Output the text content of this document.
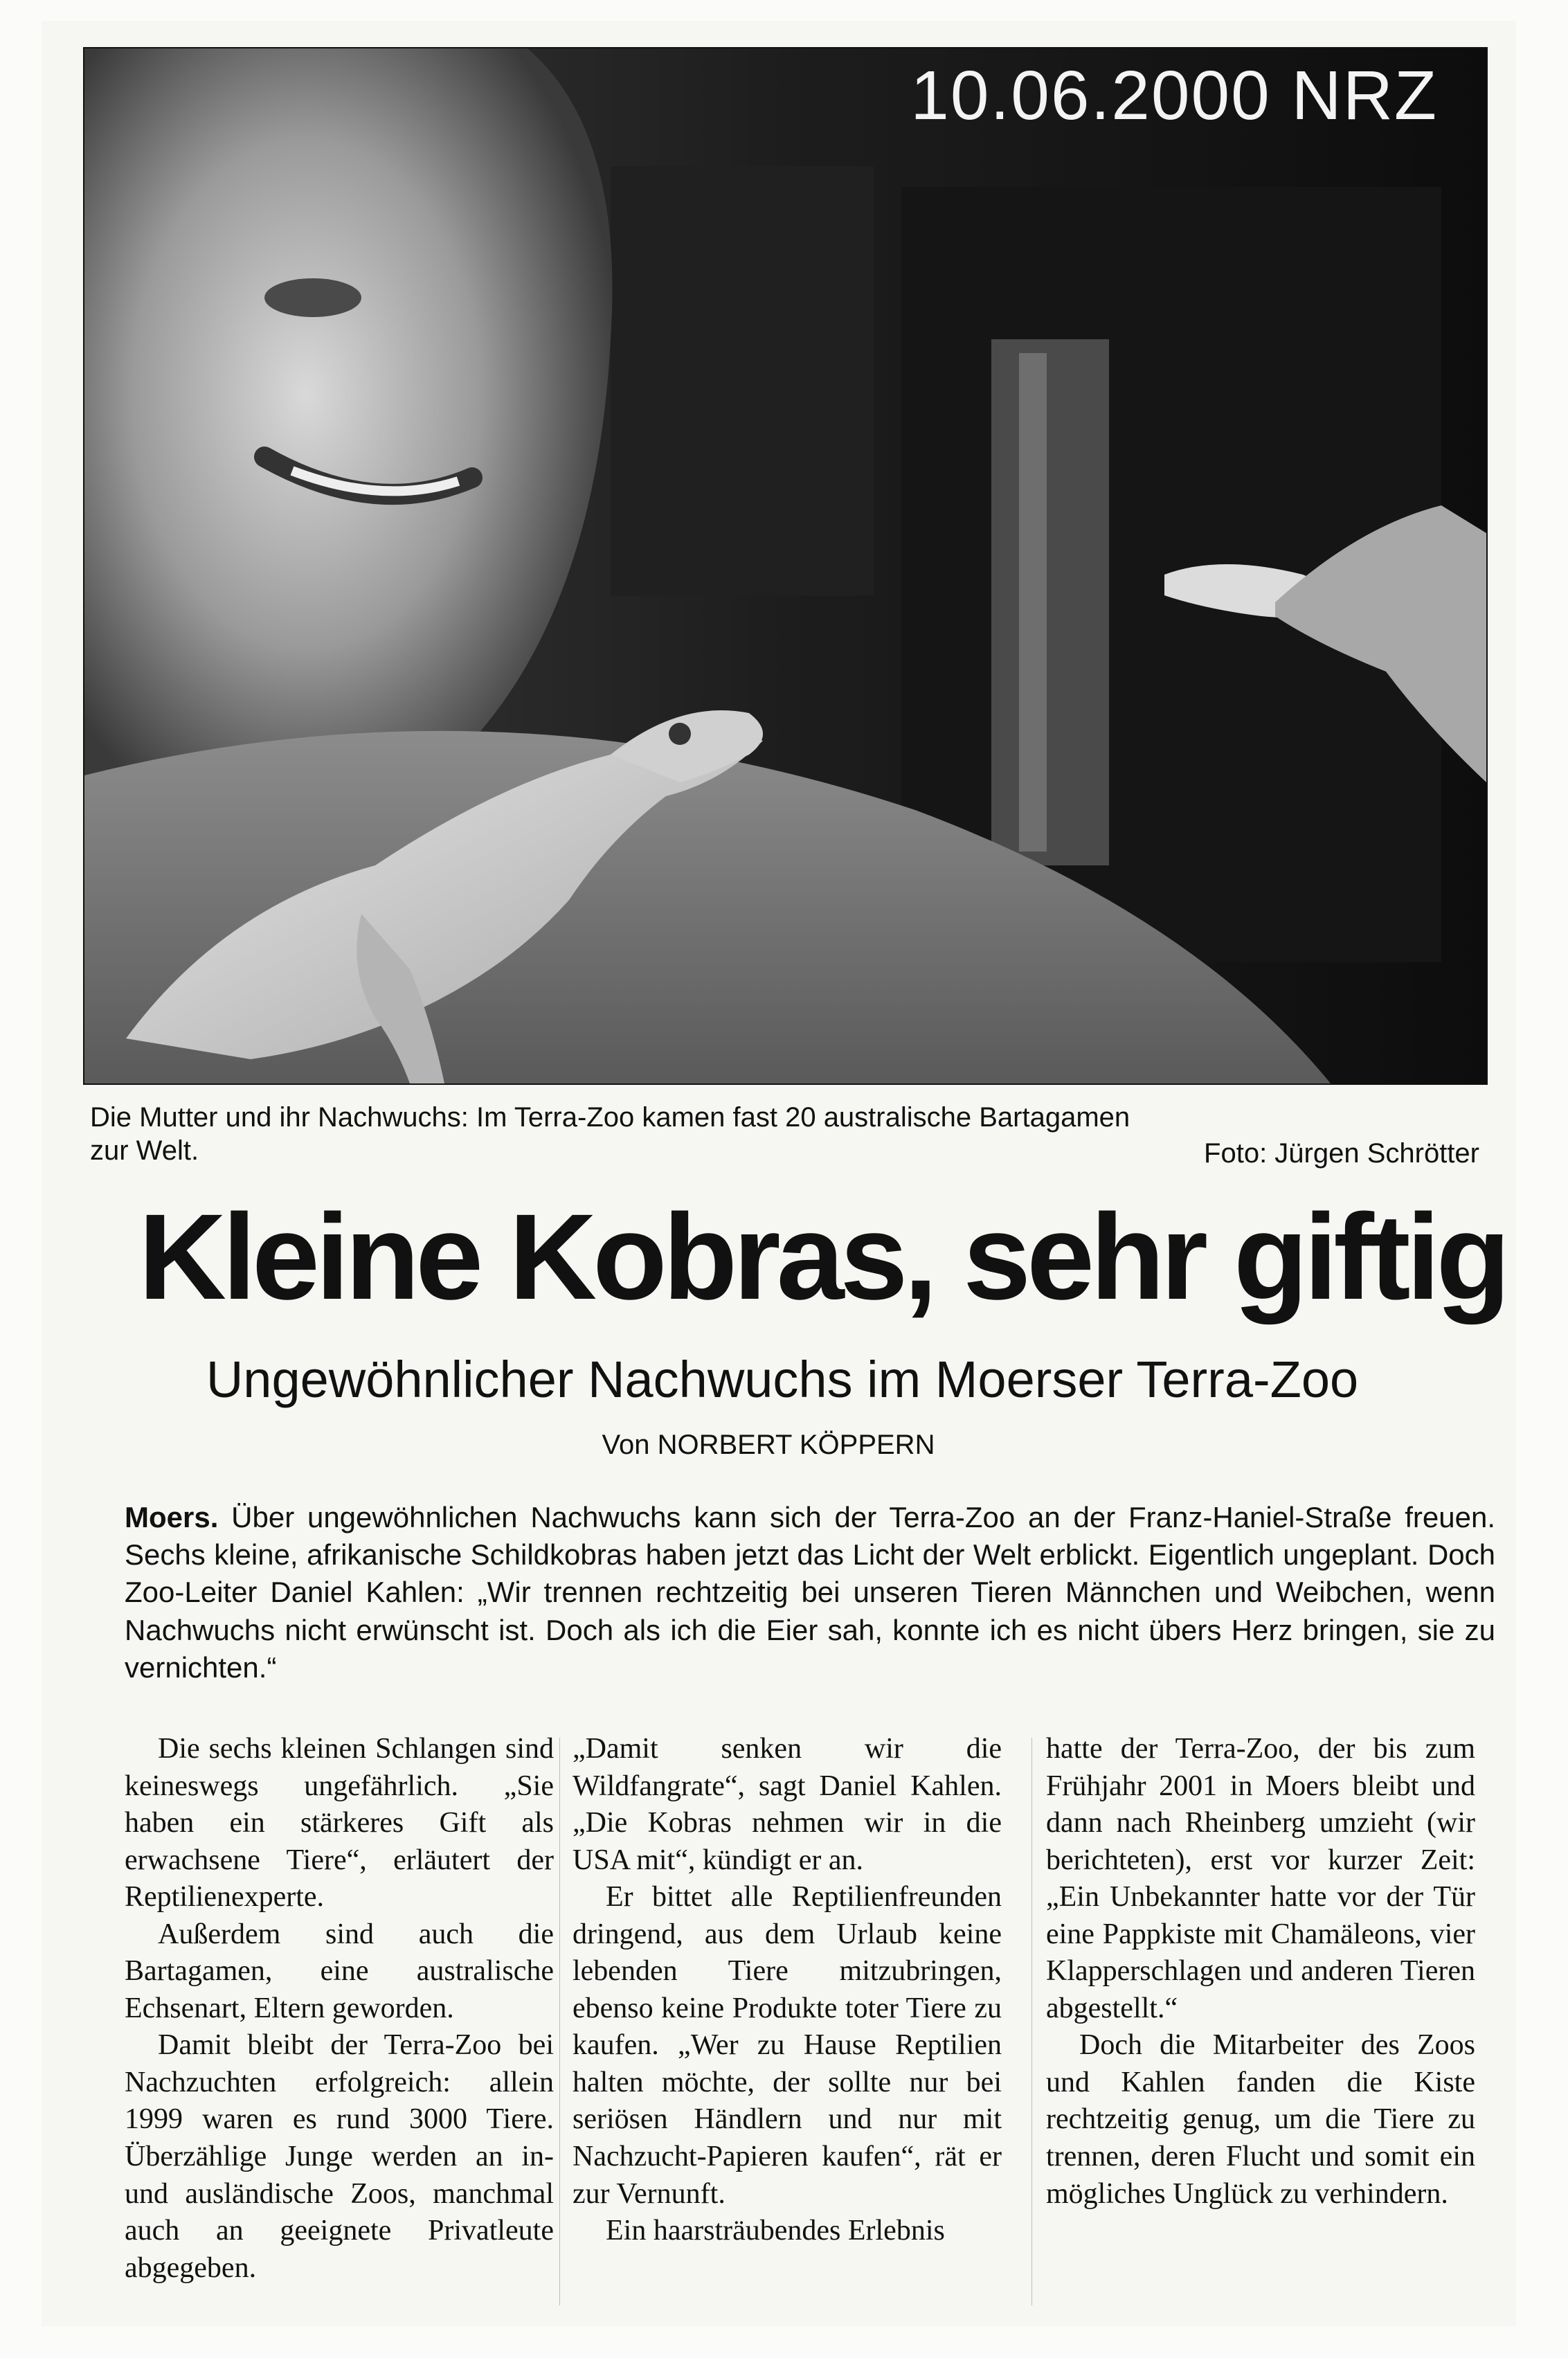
10.06.2000 NRZ
Die Mutter und ihr Nachwuchs: Im Terra-Zoo kamen fast 20 australische Bartagamen zur Welt.	Foto: Jürgen Schrötter
Kleine Kobras, sehr giftig
Ungewöhnlicher Nachwuchs im Moerser Terra-Zoo
Von NORBERT KÖPPERN
Moers. Über ungewöhnlichen Nachwuchs kann sich der Terra-Zoo an der Franz-Haniel-Straße freuen. Sechs kleine, afrikanische Schildkobras haben jetzt das Licht der Welt erblickt. Eigentlich ungeplant. Doch Zoo-Leiter Daniel Kahlen: „Wir trennen rechtzeitig bei unseren Tieren Männchen und Weibchen, wenn Nachwuchs nicht erwünscht ist. Doch als ich die Eier sah, konnte ich es nicht übers Herz bringen, sie zu vernichten.“

Die sechs kleinen Schlangen sind keineswegs ungefährlich. „Sie haben ein stärkeres Gift als erwachsene Tiere“, erläutert der Reptilienexperte.

Außerdem sind auch die Bartagamen, eine australische Echsenart, Eltern geworden.

Damit bleibt der Terra-Zoo bei Nachzuchten erfolgreich: allein 1999 waren es rund 3000 Tiere. Überzählige Junge werden an in- und ausländische Zoos, manchmal auch an geeignete Privatleute abgegeben.

„Damit senken wir die Wildfangrate“, sagt Daniel Kahlen. „Die Kobras nehmen wir in die USA mit“, kündigt er an.

Er bittet alle Reptilienfreunden dringend, aus dem Urlaub keine lebenden Tiere mitzubringen, ebenso keine Produkte toter Tiere zu kaufen. „Wer zu Hause Reptilien halten möchte, der sollte nur bei seriösen Händlern und nur mit Nachzucht-Papieren kaufen“, rät er zur Vernunft.

Ein haarsträubendes Erlebnis

hatte der Terra-Zoo, der bis zum Frühjahr 2001 in Moers bleibt und dann nach Rheinberg umzieht (wir berichteten), erst vor kurzer Zeit: „Ein Unbekannter hatte vor der Tür eine Pappkiste mit Chamäleons, vier Klapperschlagen und anderen Tieren abgestellt.“

Doch die Mitarbeiter des Zoos und Kahlen fanden die Kiste rechtzeitig genug, um die Tiere zu trennen, deren Flucht und somit ein mögliches Unglück zu verhindern.
